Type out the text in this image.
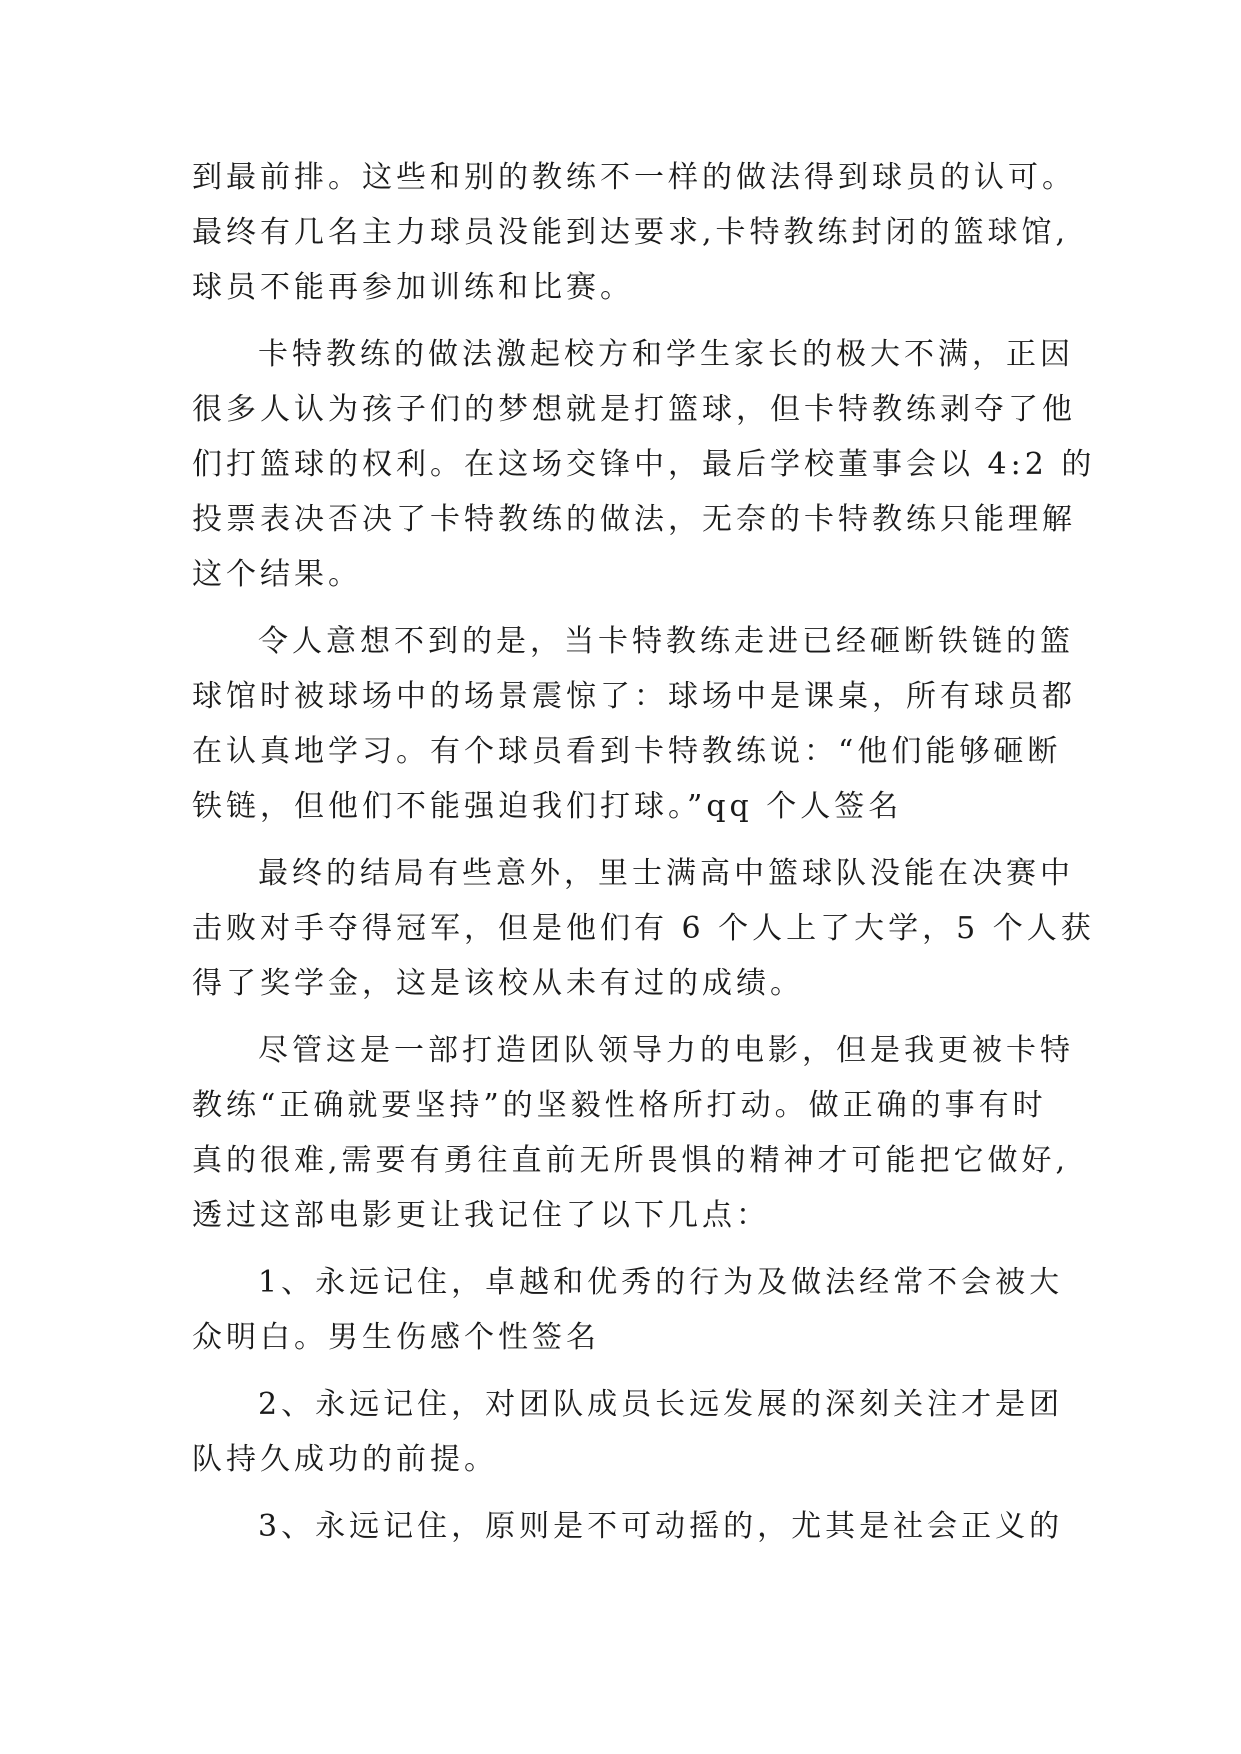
到最前排。这些和别的教练不一样的做法得到球员的认可。
最终有几名主力球员没能到达要求,卡特教练封闭的篮球馆,
球员不能再参加训练和比赛。
卡特教练的做法激起校方和学生家长的极大不满，正因
很多人认为孩子们的梦想就是打篮球，但卡特教练剥夺了他
们打篮球的权利。在这场交锋中，最后学校董事会以 4:2 的
投票表决否决了卡特教练的做法，无奈的卡特教练只能理解
这个结果。
令人意想不到的是，当卡特教练走进已经砸断铁链的篮
球馆时被球场中的场景震惊了：球场中是课桌，所有球员都
在认真地学习。有个球员看到卡特教练说：“他们能够砸断
铁链，但他们不能强迫我们打球。”qq 个人签名
最终的结局有些意外，里士满高中篮球队没能在决赛中
击败对手夺得冠军，但是他们有 6 个人上了大学，5 个人获
得了奖学金，这是该校从未有过的成绩。
尽管这是一部打造团队领导力的电影，但是我更被卡特
教练“正确就要坚持”的坚毅性格所打动。做正确的事有时
真的很难,需要有勇往直前无所畏惧的精神才可能把它做好,
透过这部电影更让我记住了以下几点：
1、永远记住，卓越和优秀的行为及做法经常不会被大
众明白。男生伤感个性签名
2、永远记住，对团队成员长远发展的深刻关注才是团
队持久成功的前提。
3、永远记住，原则是不可动摇的，尤其是社会正义的
